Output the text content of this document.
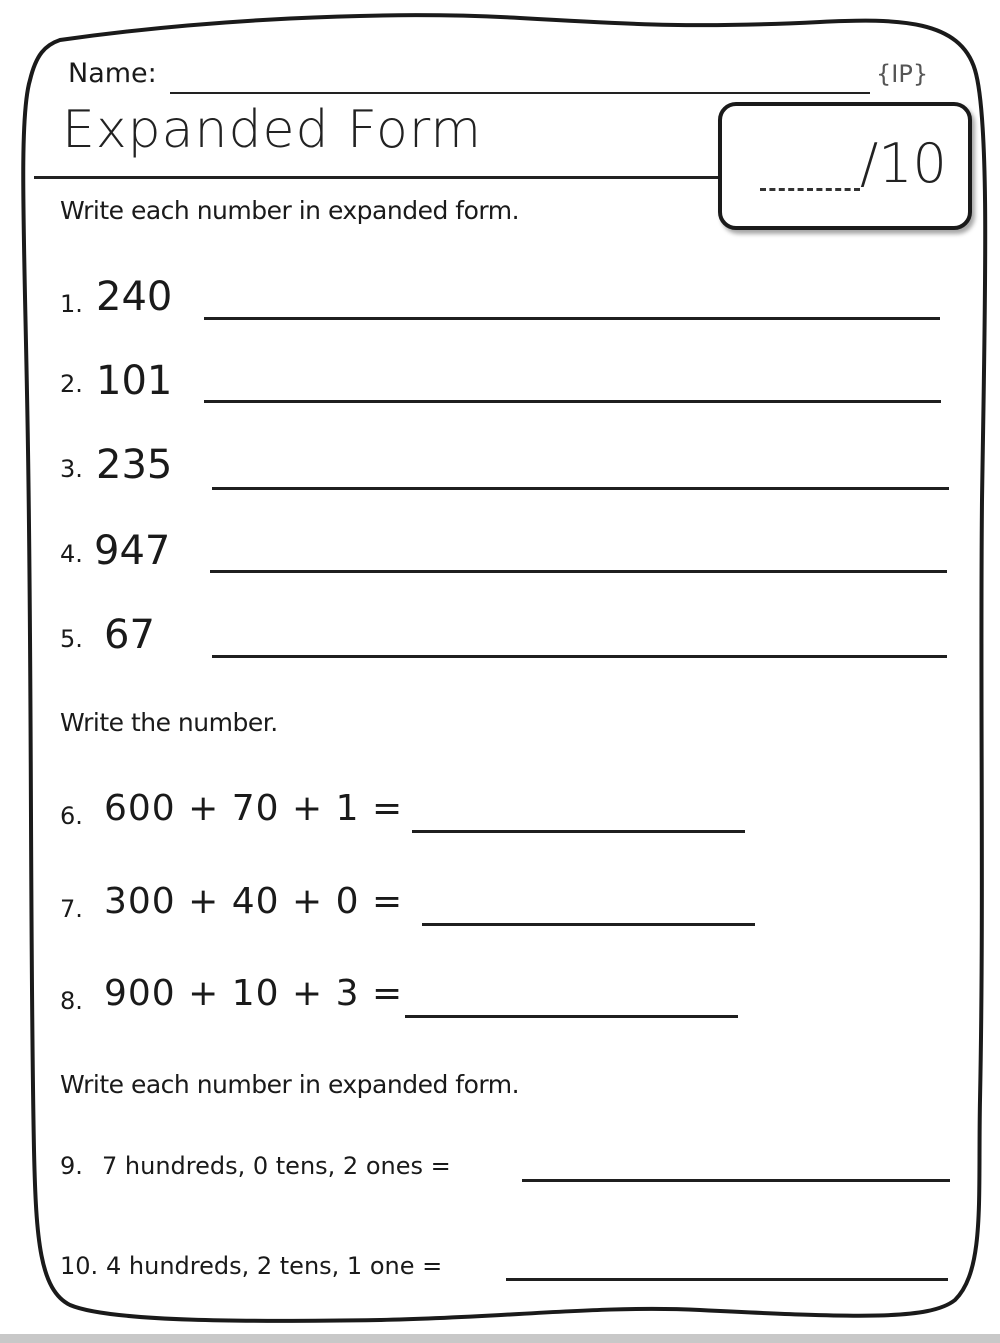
Name:	{IP}
Expanded Form
/10
Write each number in expanded form.
1. 240
2. 101
3. 235
4. 947
5. 67
Write the number.
6. 600 + 70 + 1 =
7. 300 + 40 + 0 =
8. 900 + 10 + 3 =
Write each number in expanded form.
9. 7 hundreds, 0 tens, 2 ones =
10. 4 hundreds, 2 tens, 1 one =
